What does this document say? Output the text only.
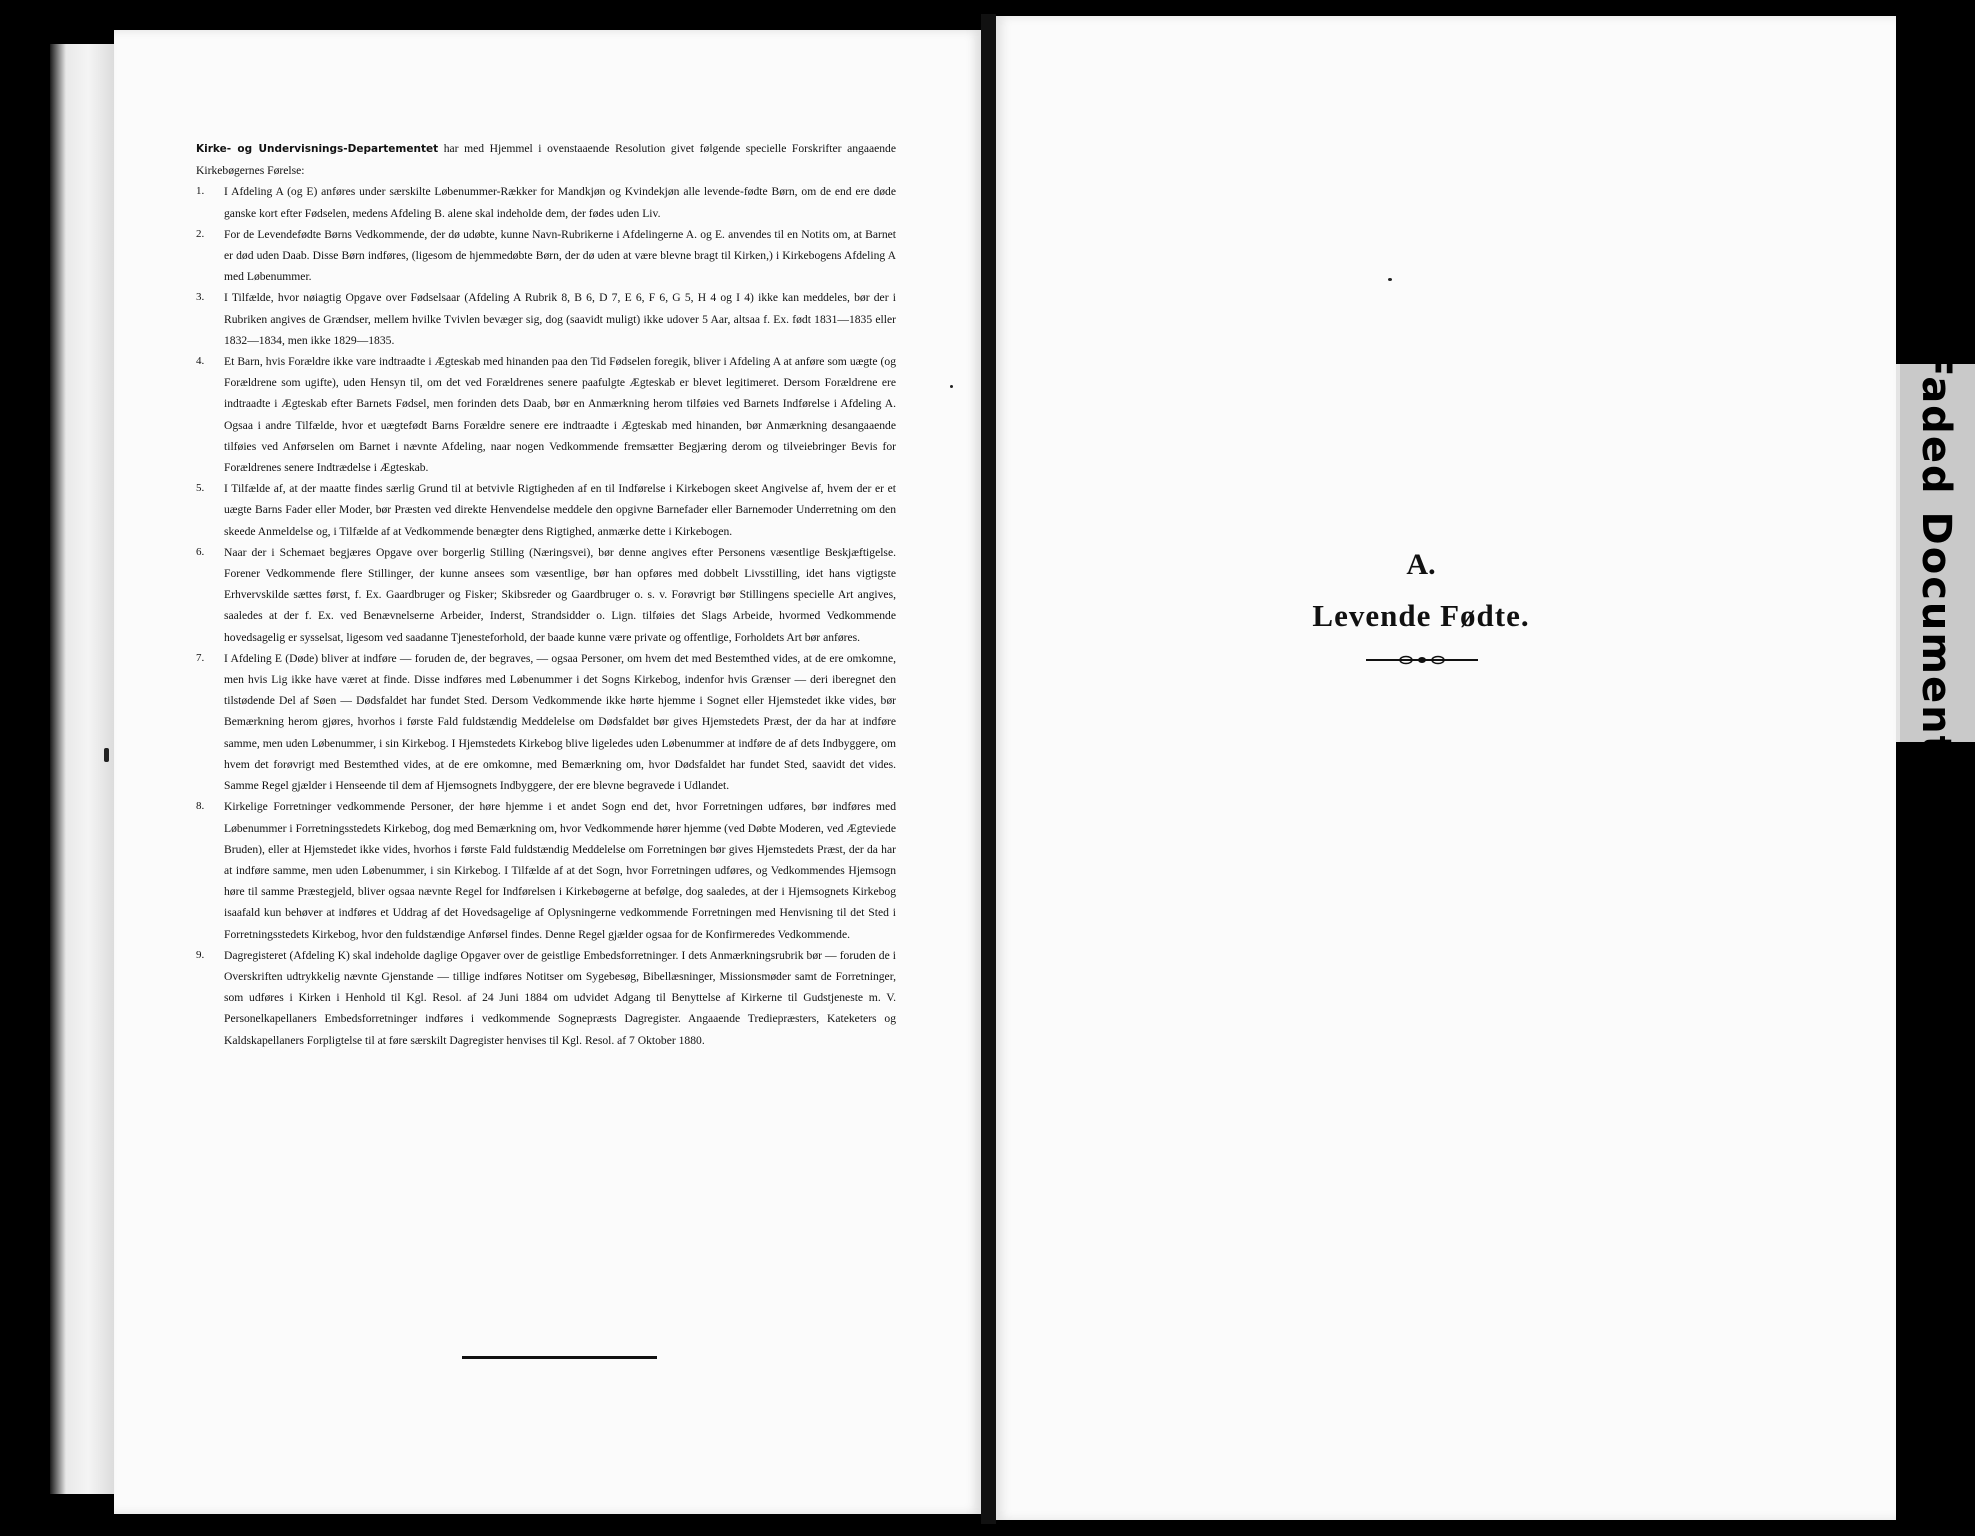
Kirke- og Undervisnings-Departementet har med Hjemmel i ovenstaaende Resolution givet følgende specielle Forskrifter angaaende Kirkebøgernes Førelse:

1.	I Afdeling A (og E) anføres under særskilte Løbenummer-Rækker for Mandkjøn og Kvindekjøn alle levende-fødte Børn, om de end ere døde ganske kort efter Fødselen, medens Afdeling B. alene skal indeholde dem, der fødes uden Liv.

2.	For de Levendefødte Børns Vedkommende, der dø udøbte, kunne Navn-Rubrikerne i Afdelingerne A. og E. anvendes til en Notits om, at Barnet er død uden Daab. Disse Børn indføres, (ligesom de hjemmedøbte Børn, der dø uden at være blevne bragt til Kirken,) i Kirkebogens Afdeling A med Løbenummer.

3.	I Tilfælde, hvor nøiagtig Opgave over Fødselsaar (Afdeling A Rubrik 8, B 6, D 7, E 6, F 6, G 5, H 4 og I 4) ikke kan meddeles, bør der i Rubriken angives de Grændser, mellem hvilke Tvivlen bevæger sig, dog (saavidt muligt) ikke udover 5 Aar, altsaa f. Ex. født 1831—1835 eller 1832—1834, men ikke 1829—1835.

4.	Et Barn, hvis Forældre ikke vare indtraadte i Ægteskab med hinanden paa den Tid Fødselen foregik, bliver i Afdeling A at anføre som uægte (og Forældrene som ugifte), uden Hensyn til, om det ved Forældrenes senere paafulgte Ægteskab er blevet legitimeret. Dersom Forældrene ere indtraadte i Ægteskab efter Barnets Fødsel, men forinden dets Daab, bør en Anmærkning herom tilføies ved Barnets Indførelse i Afdeling A. Ogsaa i andre Tilfælde, hvor et uægtefødt Barns Forældre senere ere indtraadte i Ægteskab med hinanden, bør Anmærkning desangaaende tilføies ved Anførselen om Barnet i nævnte Afdeling, naar nogen Vedkommende fremsætter Begjæring derom og tilveiebringer Bevis for Forældrenes senere Indtrædelse i Ægteskab.

5.	I Tilfælde af, at der maatte findes særlig Grund til at betvivle Rigtigheden af en til Indførelse i Kirkebogen skeet Angivelse af, hvem der er et uægte Barns Fader eller Moder, bør Præsten ved direkte Henvendelse meddele den opgivne Barnefader eller Barnemoder Underretning om den skeede Anmeldelse og, i Tilfælde af at Vedkommende benægter dens Rigtighed, anmærke dette i Kirkebogen.

6.	Naar der i Schemaet begjæres Opgave over borgerlig Stilling (Næringsvei), bør denne angives efter Personens væsentlige Beskjæftigelse. Forener Vedkommende flere Stillinger, der kunne ansees som væsentlige, bør han opføres med dobbelt Livsstilling, idet hans vigtigste Erhvervskilde sættes først, f. Ex. Gaardbruger og Fisker; Skibsreder og Gaardbruger o. s. v. Forøvrigt bør Stillingens specielle Art angives, saaledes at der f. Ex. ved Benævnelserne Arbeider, Inderst, Strandsidder o. Lign. tilføies det Slags Arbeide, hvormed Vedkommende hovedsagelig er sysselsat, ligesom ved saadanne Tjenesteforhold, der baade kunne være private og offentlige, Forholdets Art bør anføres.

7.	I Afdeling E (Døde) bliver at indføre — foruden de, der begraves, — ogsaa Personer, om hvem det med Bestemthed vides, at de ere omkomne, men hvis Lig ikke have været at finde. Disse indføres med Løbenummer i det Sogns Kirkebog, indenfor hvis Grænser — deri iberegnet den tilstødende Del af Søen — Dødsfaldet har fundet Sted. Dersom Vedkommende ikke hørte hjemme i Sognet eller Hjemstedet ikke vides, bør Bemærkning herom gjøres, hvorhos i første Fald fuldstændig Meddelelse om Dødsfaldet bør gives Hjemstedets Præst, der da har at indføre samme, men uden Løbenummer, i sin Kirkebog. I Hjemstedets Kirkebog blive ligeledes uden Løbenummer at indføre de af dets Indbyggere, om hvem det forøvrigt med Bestemthed vides, at de ere omkomne, med Bemærkning om, hvor Dødsfaldet har fundet Sted, saavidt det vides. Samme Regel gjælder i Henseende til dem af Hjemsognets Indbyggere, der ere blevne begravede i Udlandet.

8.	Kirkelige Forretninger vedkommende Personer, der høre hjemme i et andet Sogn end det, hvor Forretningen udføres, bør indføres med Løbenummer i Forretningsstedets Kirkebog, dog med Bemærkning om, hvor Vedkommende hører hjemme (ved Døbte Moderen, ved Ægteviede Bruden), eller at Hjemstedet ikke vides, hvorhos i første Fald fuldstændig Meddelelse om Forretningen bør gives Hjemstedets Præst, der da har at indføre samme, men uden Løbenummer, i sin Kirkebog. I Tilfælde af at det Sogn, hvor Forretningen udføres, og Vedkommendes Hjemsogn høre til samme Præstegjeld, bliver ogsaa nævnte Regel for Indførelsen i Kirkebøgerne at befølge, dog saaledes, at der i Hjemsognets Kirkebog isaafald kun behøver at indføres et Uddrag af det Hovedsagelige af Oplysningerne vedkommende Forretningen med Henvisning til det Sted i Forretningsstedets Kirkebog, hvor den fuldstændige Anførsel findes. Denne Regel gjælder ogsaa for de Konfirmeredes Vedkommende.

9.	Dagregisteret (Afdeling K) skal indeholde daglige Opgaver over de geistlige Embedsforretninger. I dets Anmærkningsrubrik bør — foruden de i Overskriften udtrykkelig nævnte Gjenstande — tillige indføres Notitser om Sygebesøg, Bibellæsninger, Missionsmøder samt de Forretninger, som udføres i Kirken i Henhold til Kgl. Resol. af 24 Juni 1884 om udvidet Adgang til Benyttelse af Kirkerne til Gudstjeneste m. V. Personelkapellaners Embedsforretninger indføres i vedkommende Sognepræsts Dagregister. Angaaende Trediepræsters, Kateketers og Kaldskapellaners Forpligtelse til at føre særskilt Dagregister henvises til Kgl. Resol. af 7 Oktober 1880.

A.
Levende Fødte.	Faded Document
